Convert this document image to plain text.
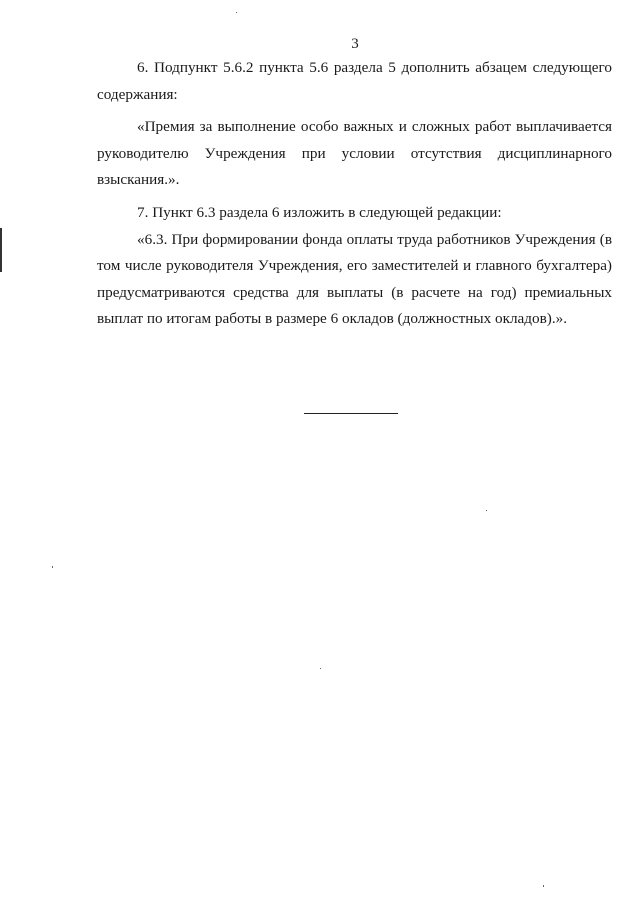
3

6. Подпункт 5.6.2 пункта 5.6 раздела 5 дополнить абзацем следующего содержания:

«Премия за выполнение особо важных и сложных работ выплачивается руководителю Учреждения при условии отсутствия дисциплинарного взыскания.».

7. Пункт 6.3 раздела 6 изложить в следующей редакции:

«6.3. При формировании фонда оплаты труда работников Учреждения (в том числе руководителя Учреждения, его заместителей и главного бухгалтера) предусматриваются средства для выплаты (в расчете на год) премиальных выплат по итогам работы в размере 6 окладов (должностных окладов).».
